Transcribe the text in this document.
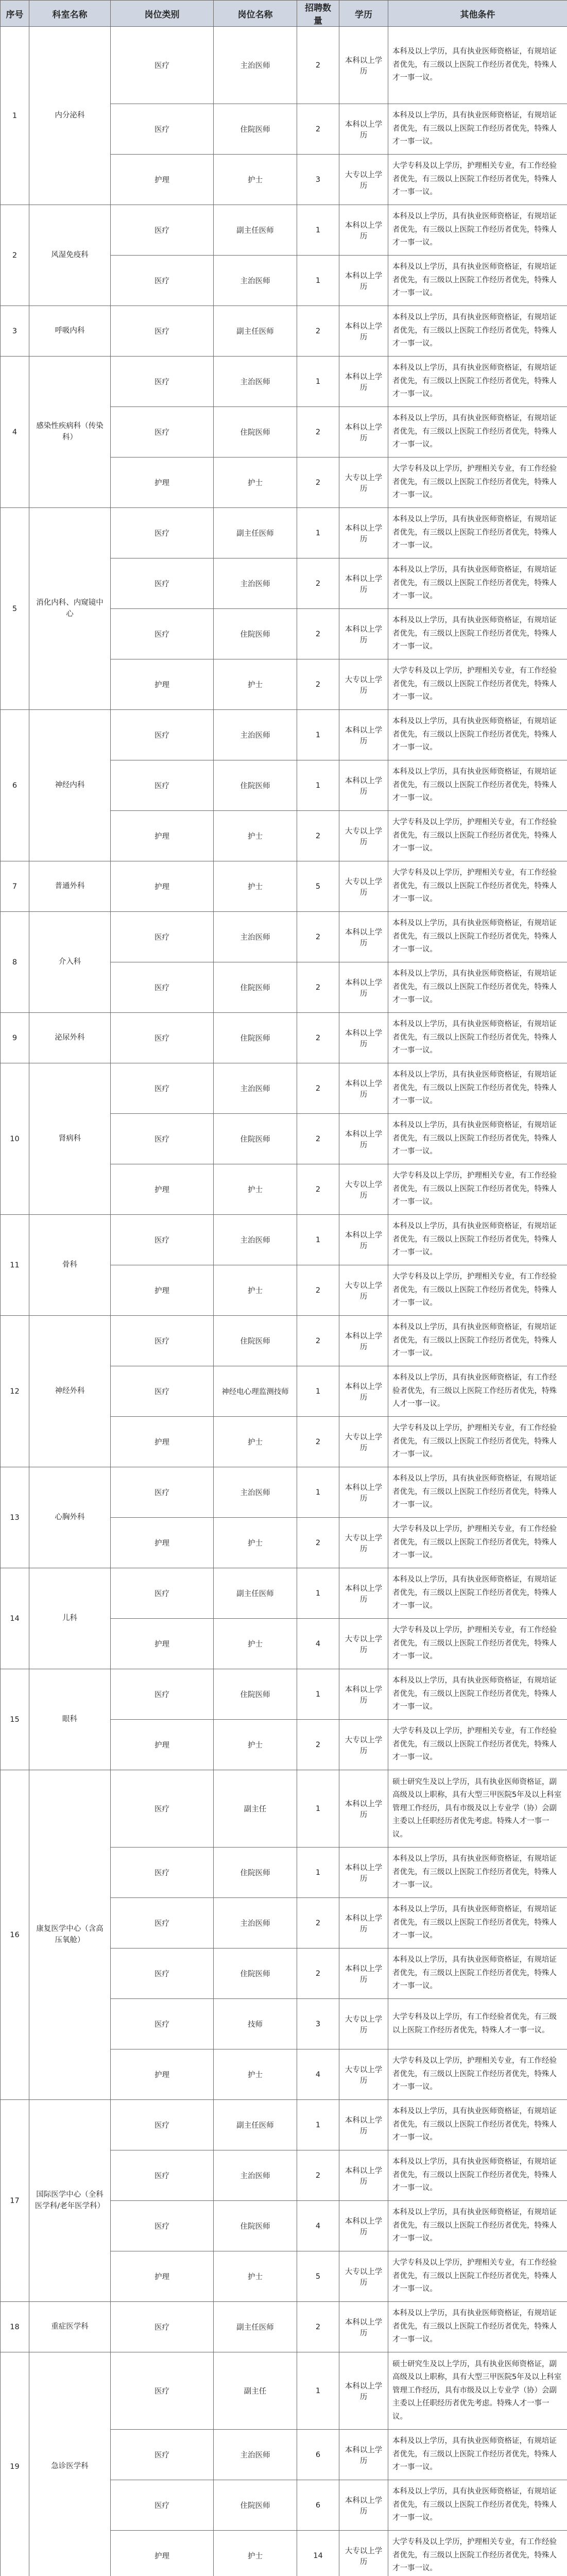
序号	科室名称	岗位类别	岗位名称	招聘数量	学历	其他条件
1	内分泌科	医疗	主治医师	2	本科以上学历	本科及以上学历，具有执业医师资格证，有规培证者优先，有三级以上医院工作经历者优先，特殊人才一事一议。
		医疗	住院医师	2	本科以上学历	本科及以上学历，具有执业医师资格证，有规培证者优先，有三级以上医院工作经历者优先，特殊人才一事一议。
		护理	护士	3	大专以上学历	大学专科及以上学历，护理相关专业，有工作经验者优先，有三级以上医院工作经历者优先，特殊人才一事一议。
2	风湿免疫科	医疗	副主任医师	1	本科以上学历	本科及以上学历，具有执业医师资格证，有规培证者优先，有三级以上医院工作经历者优先，特殊人才一事一议。
		医疗	主治医师	1	本科以上学历	本科及以上学历，具有执业医师资格证，有规培证者优先，有三级以上医院工作经历者优先，特殊人才一事一议。
3	呼吸内科	医疗	副主任医师	2	本科以上学历	本科及以上学历，具有执业医师资格证，有规培证者优先，有三级以上医院工作经历者优先，特殊人才一事一议。
4	感染性疾病科（传染科）	医疗	主治医师	1	本科以上学历	本科及以上学历，具有执业医师资格证，有规培证者优先，有三级以上医院工作经历者优先，特殊人才一事一议。
		医疗	住院医师	2	本科以上学历	本科及以上学历，具有执业医师资格证，有规培证者优先，有三级以上医院工作经历者优先，特殊人才一事一议。
		护理	护士	2	大专以上学历	大学专科及以上学历，护理相关专业，有工作经验者优先，有三级以上医院工作经历者优先，特殊人才一事一议。
5	消化内科、内窥镜中心	医疗	副主任医师	1	本科以上学历	本科及以上学历，具有执业医师资格证，有规培证者优先，有三级以上医院工作经历者优先，特殊人才一事一议。
		医疗	主治医师	2	本科以上学历	本科及以上学历，具有执业医师资格证，有规培证者优先，有三级以上医院工作经历者优先，特殊人才一事一议。
		医疗	住院医师	2	本科以上学历	本科及以上学历，具有执业医师资格证，有规培证者优先，有三级以上医院工作经历者优先，特殊人才一事一议。
		护理	护士	2	大专以上学历	大学专科及以上学历，护理相关专业，有工作经验者优先，有三级以上医院工作经历者优先，特殊人才一事一议。
6	神经内科	医疗	主治医师	1	本科以上学历	本科及以上学历，具有执业医师资格证，有规培证者优先，有三级以上医院工作经历者优先，特殊人才一事一议。
		医疗	住院医师	1	本科以上学历	本科及以上学历，具有执业医师资格证，有规培证者优先，有三级以上医院工作经历者优先，特殊人才一事一议。
		护理	护士	2	大专以上学历	大学专科及以上学历，护理相关专业，有工作经验者优先，有三级以上医院工作经历者优先，特殊人才一事一议。
7	普通外科	护理	护士	5	大专以上学历	大学专科及以上学历，护理相关专业，有工作经验者优先，有三级以上医院工作经历者优先，特殊人才一事一议。
8	介入科	医疗	主治医师	2	本科以上学历	本科及以上学历，具有执业医师资格证，有规培证者优先，有三级以上医院工作经历者优先，特殊人才一事一议。
		医疗	住院医师	2	本科以上学历	本科及以上学历，具有执业医师资格证，有规培证者优先，有三级以上医院工作经历者优先，特殊人才一事一议。
9	泌尿外科	医疗	住院医师	2	本科以上学历	本科及以上学历，具有执业医师资格证，有规培证者优先，有三级以上医院工作经历者优先，特殊人才一事一议。
10	肾病科	医疗	主治医师	2	本科以上学历	本科及以上学历，具有执业医师资格证，有规培证者优先，有三级以上医院工作经历者优先，特殊人才一事一议。
		医疗	住院医师	2	本科以上学历	本科及以上学历，具有执业医师资格证，有规培证者优先，有三级以上医院工作经历者优先，特殊人才一事一议。
		护理	护士	2	大专以上学历	大学专科及以上学历，护理相关专业，有工作经验者优先，有三级以上医院工作经历者优先，特殊人才一事一议。
11	骨科	医疗	主治医师	1	本科以上学历	本科及以上学历，具有执业医师资格证，有规培证者优先，有三级以上医院工作经历者优先，特殊人才一事一议。
		护理	护士	2	大专以上学历	大学专科及以上学历，护理相关专业，有工作经验者优先，有三级以上医院工作经历者优先，特殊人才一事一议。
12	神经外科	医疗	住院医师	2	本科以上学历	本科及以上学历，具有执业医师资格证，有规培证者优先，有三级以上医院工作经历者优先，特殊人才一事一议。
		医疗	神经电心理监测技师	1	本科以上学历	本科及以上学历，具有执业医师资格证，有工作经验者优先，有三级以上医院工作经历者优先，特殊人才一事一议。
		护理	护士	2	大专以上学历	大学专科及以上学历，护理相关专业，有工作经验者优先，有三级以上医院工作经历者优先，特殊人才一事一议。
13	心胸外科	医疗	主治医师	1	本科以上学历	本科及以上学历，具有执业医师资格证，有规培证者优先，有三级以上医院工作经历者优先，特殊人才一事一议。
		护理	护士	2	大专以上学历	大学专科及以上学历，护理相关专业，有工作经验者优先，有三级以上医院工作经历者优先，特殊人才一事一议。
14	儿科	医疗	副主任医师	1	本科以上学历	本科及以上学历，具有执业医师资格证，有规培证者优先，有三级以上医院工作经历者优先，特殊人才一事一议。
		护理	护士	4	大专以上学历	大学专科及以上学历，护理相关专业，有工作经验者优先，有三级以上医院工作经历者优先，特殊人才一事一议。
15	眼科	医疗	住院医师	1	本科以上学历	本科及以上学历，具有执业医师资格证，有规培证者优先，有三级以上医院工作经历者优先，特殊人才一事一议。
		护理	护士	2	大专以上学历	大学专科及以上学历，护理相关专业，有工作经验者优先，有三级以上医院工作经历者优先，特殊人才一事一议。
16	康复医学中心（含高压氧舱）	医疗	副主任	1	本科以上学历	硕士研究生及以上学历，具有执业医师资格证，副高级及以上职称，具有大型三甲医院5年及以上科室管理工作经历，具有市级及以上专业学（协）会副主委以上任职经历者优先考虑。特殊人才一事一议。
		医疗	住院医师	1	本科以上学历	本科及以上学历，具有执业医师资格证，有规培证者优先，有三级以上医院工作经历者优先，特殊人才一事一议。
		医疗	主治医师	2	本科以上学历	本科及以上学历，具有执业医师资格证，有规培证者优先，有三级以上医院工作经历者优先，特殊人才一事一议。
		医疗	住院医师	2	本科以上学历	本科及以上学历，具有执业医师资格证，有规培证者优先，有三级以上医院工作经历者优先，特殊人才一事一议。
		医疗	技师	3	大专以上学历	大学专科及以上学历，有工作经验者优先，有三级以上医院工作经历者优先，特殊人才一事一议。
		护理	护士	4	大专以上学历	大学专科及以上学历，护理相关专业，有工作经验者优先，有三级以上医院工作经历者优先，特殊人才一事一议。
17	国际医学中心（全科医学科/老年医学科）	医疗	副主任医师	1	本科以上学历	本科及以上学历，具有执业医师资格证，有规培证者优先，有三级以上医院工作经历者优先，特殊人才一事一议。
		医疗	主治医师	2	本科以上学历	本科及以上学历，具有执业医师资格证，有规培证者优先，有三级以上医院工作经历者优先，特殊人才一事一议。
		医疗	住院医师	4	本科以上学历	本科及以上学历，具有执业医师资格证，有规培证者优先，有三级以上医院工作经历者优先，特殊人才一事一议。
		护理	护士	5	大专以上学历	大学专科及以上学历，护理相关专业，有工作经验者优先，有三级以上医院工作经历者优先，特殊人才一事一议。
18	重症医学科	医疗	副主任医师	2	本科以上学历	本科及以上学历，具有执业医师资格证，有规培证者优先，有三级以上医院工作经历者优先，特殊人才一事一议。
19	急诊医学科	医疗	副主任	1	本科以上学历	硕士研究生及以上学历，具有执业医师资格证，副高级及以上职称，具有大型三甲医院5年及以上科室管理工作经历，具有市级及以上专业学（协）会副主委以上任职经历者优先考虑。特殊人才一事一议。
		医疗	主治医师	6	本科以上学历	本科及以上学历，具有执业医师资格证，有规培证者优先，有三级以上医院工作经历者优先，特殊人才一事一议。
		医疗	住院医师	6	本科以上学历	本科及以上学历，具有执业医师资格证，有规培证者优先，有三级以上医院工作经历者优先，特殊人才一事一议。
		护理	护士	14	大专以上学历	大学专科及以上学历，护理相关专业，有工作经验者优先，有三级以上医院工作经历者优先，特殊人才一事一议。
